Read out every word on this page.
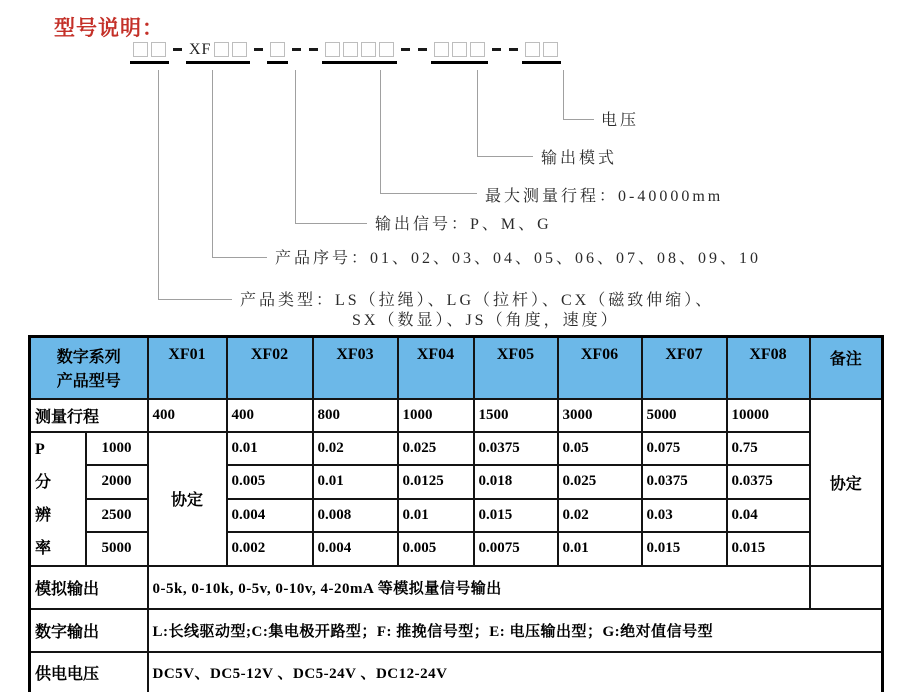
型号说明：
XF
电压
输出模式
最大测量行程：0-40000mm
输出信号：P、M、G
产品序号：01、02、03、04、05、06、07、08、09、10
产品类型：LS（拉绳）、LG（拉杆）、CX（磁致伸缩）、
SX（数显）、JS（角度，速度）
数字系列
产品型号		XF01	XF02	XF03	XF04	XF05	XF06	XF07	XF08	备注
测量行程		400	400	800	1000	1500	3000	5000	10000	协定

P
分
辨
率	1000	协定	0.01	0.02	0.025	0.0375	0.05	0.075	0.75	
	2000		0.005	0.01	0.0125	0.018	0.025	0.0375	0.0375	
	2500		0.004	0.008	0.01	0.015	0.02	0.03	0.04	
	5000		0.002	0.004	0.005	0.0075	0.01	0.015	0.015	
模拟输出		0-5k, 0-10k, 0-5v, 0-10v, 4-20mA 等模拟量信号输出								
数字输出		L:长线驱动型;C:集电极开路型；F: 推挽信号型；E: 电压输出型；G:绝对值信号型								
供电电压		DC5V、DC5-12V 、DC5-24V 、DC12-24V								
